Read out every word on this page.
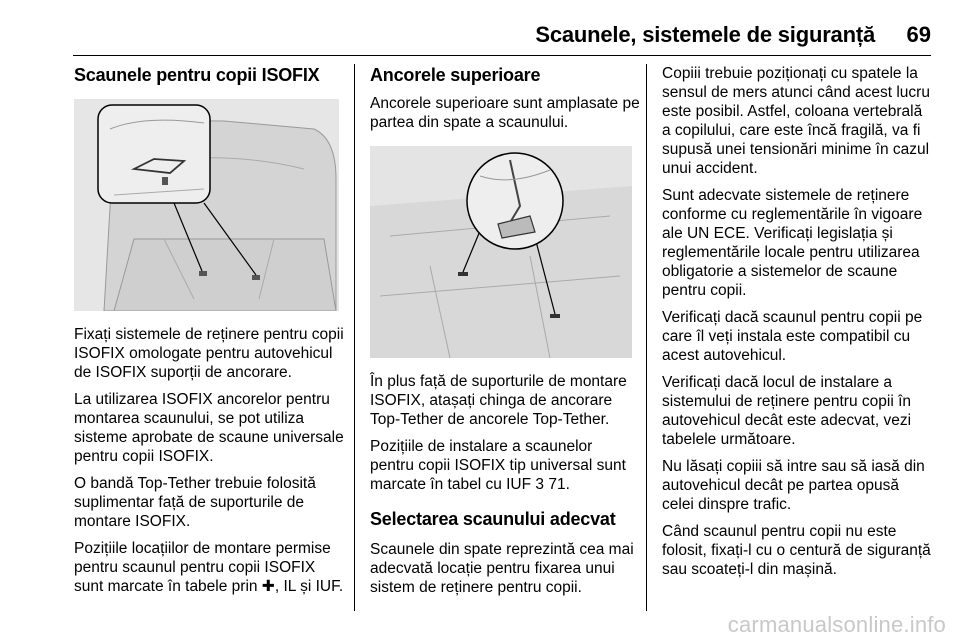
Scaunele, sistemele de siguranță 69
Scaunele pentru copii ISOFIX

Fixați sistemele de reținere pentru copii ISOFIX omologate pentru autovehicul de ISOFIX suporții de ancorare.

La utilizarea ISOFIX ancorelor pentru montarea scaunului, se pot utiliza sisteme aprobate de scaune universale pentru copii ISOFIX.

O bandă Top-Tether trebuie folosită suplimentar față de suporturile de montare ISOFIX.

Pozițiile locațiilor de montare permise pentru scaunul pentru copii ISOFIX sunt marcate în tabele prin ✚, IL și IUF.

Ancorele superioare

Ancorele superioare sunt amplasate pe partea din spate a scaunului.

În plus față de suporturile de montare ISOFIX, atașați chinga de ancorare Top-Tether de ancorele Top-Tether.

Pozițiile de instalare a scaunelor pentru copii ISOFIX tip universal sunt marcate în tabel cu IUF 3 71.

Selectarea scaunului adecvat

Scaunele din spate reprezintă cea mai adecvată locație pentru fixarea unui sistem de reținere pentru copii.

Copiii trebuie poziționați cu spatele la sensul de mers atunci când acest lucru este posibil. Astfel, coloana vertebrală a copilului, care este încă fragilă, va fi supusă unei tensionări minime în cazul unui accident.

Sunt adecvate sistemele de reținere conforme cu reglementările în vigoare ale UN ECE. Verificați legislația și reglementările locale pentru utilizarea obligatorie a sistemelor de scaune pentru copii.

Verificați dacă scaunul pentru copii pe care îl veți instala este compatibil cu acest autovehicul.

Verificați dacă locul de instalare a sistemului de reținere pentru copii în autovehicul decât este adecvat, vezi tabelele următoare.

Nu lăsați copiii să intre sau să iasă din autovehicul decât pe partea opusă celei dinspre trafic.

Când scaunul pentru copii nu este folosit, fixați-l cu o centură de siguranță sau scoateți-l din mașină.

carmanualsonline.info
